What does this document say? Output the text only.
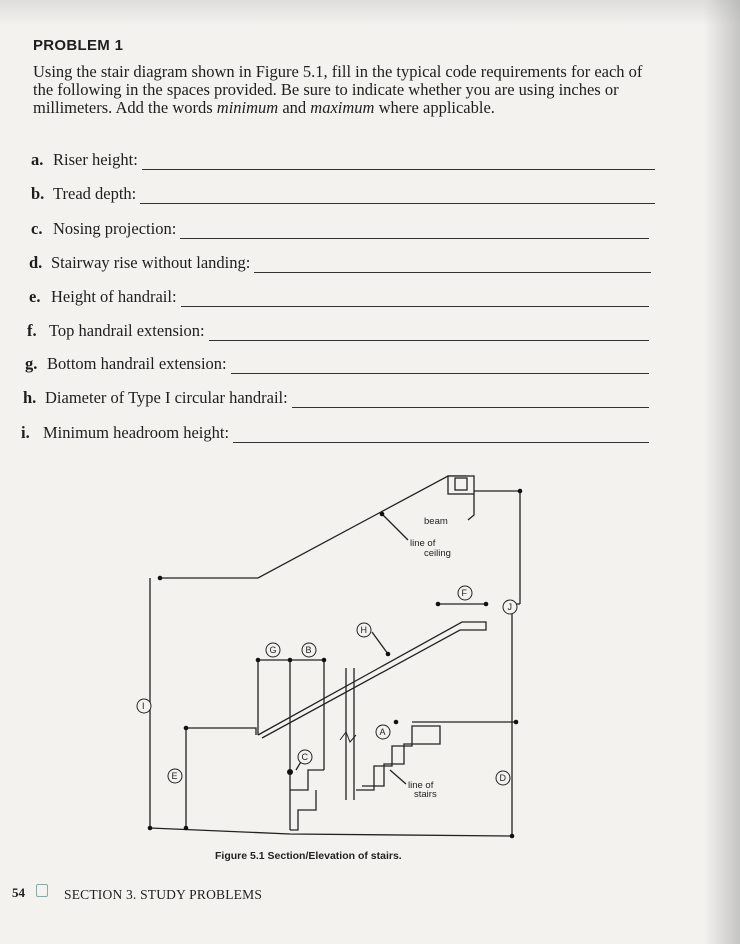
PROBLEM 1
Using the stair diagram shown in Figure 5.1, fill in the typical code requirements for each of the following in the spaces provided. Be sure to indicate whether you are using inches or millimeters. Add the words minimum and maximum where applicable.
a. Riser height:
b. Tread depth:
c. Nosing projection:
d. Stairway rise without landing:
e. Height of handrail:
f. Top handrail extension:
g. Bottom handrail extension:
h. Diameter of Type I circular handrail:
i. Minimum headroom height:
beam
line of
ceiling
line of
stairs
A
B
C
D
E
F
G
H
I
J
Figure 5.1 Section/Elevation of stairs.
54	SECTION 3. STUDY PROBLEMS
